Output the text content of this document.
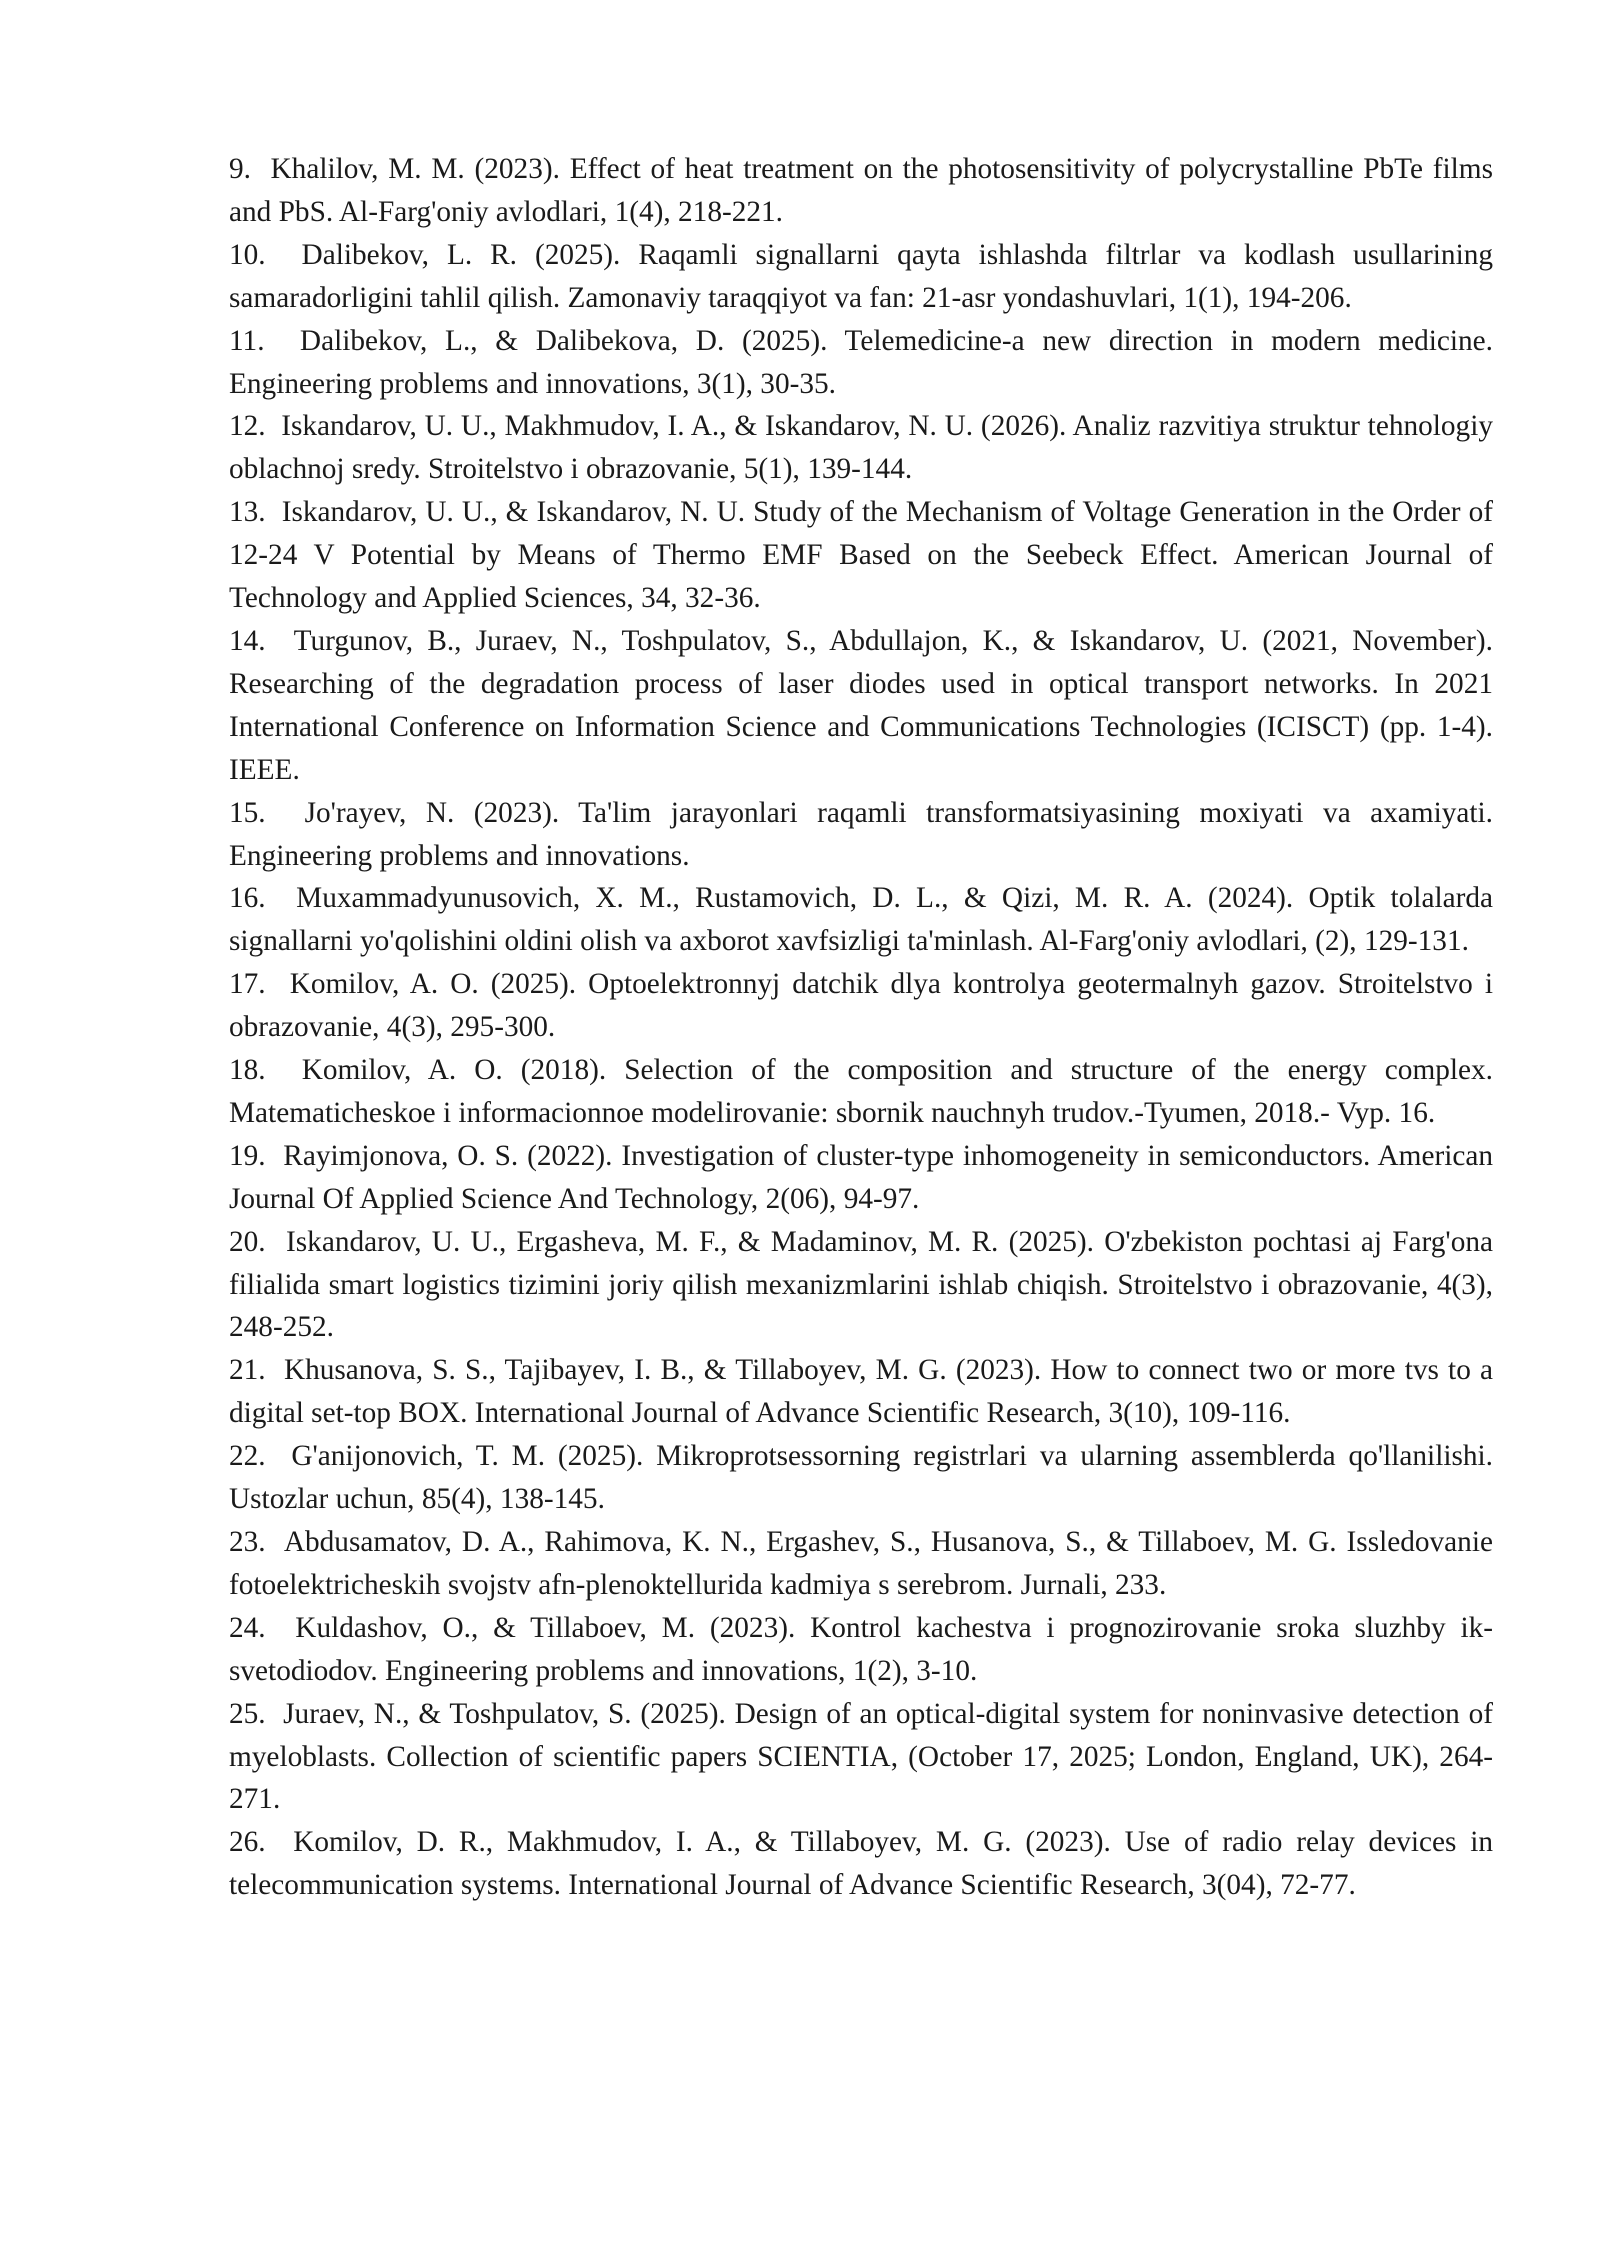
9. Khalilov, M. M. (2023). Effect of heat treatment on the photosensitivity of polycrystalline PbTe films and PbS. Al-Farg'oniy avlodlari, 1(4), 218-221.

10. Dalibekov, L. R. (2025). Raqamli signallarni qayta ishlashda filtrlar va kodlash usullarining samaradorligini tahlil qilish. Zamonaviy taraqqiyot va fan: 21-asr yondashuvlari, 1(1), 194-206.

11. Dalibekov, L., & Dalibekova, D. (2025). Telemedicine-a new direction in modern medicine. Engineering problems and innovations, 3(1), 30-35.

12. Iskandarov, U. U., Makhmudov, I. A., & Iskandarov, N. U. (2026). Analiz razvitiya struktur tehnologiy oblachnoj sredy. Stroitelstvo i obrazovanie, 5(1), 139-144.

13. Iskandarov, U. U., & Iskandarov, N. U. Study of the Mechanism of Voltage Generation in the Order of 12-24 V Potential by Means of Thermo EMF Based on the Seebeck Effect. American Journal of Technology and Applied Sciences, 34, 32-36.

14. Turgunov, B., Juraev, N., Toshpulatov, S., Abdullajon, K., & Iskandarov, U. (2021, November). Researching of the degradation process of laser diodes used in optical transport networks. In 2021 International Conference on Information Science and Communications Technologies (ICISCT) (pp. 1-4). IEEE.

15. Jo'rayev, N. (2023). Ta'lim jarayonlari raqamli transformatsiyasining moxiyati va axamiyati. Engineering problems and innovations.

16. Muxammadyunusovich, X. M., Rustamovich, D. L., & Qizi, M. R. A. (2024). Optik tolalarda signallarni yo'qolishini oldini olish va axborot xavfsizligi ta'minlash. Al-Farg'oniy avlodlari, (2), 129-131.

17. Komilov, A. O. (2025). Optoelektronnyj datchik dlya kontrolya geotermalnyh gazov. Stroitelstvo i obrazovanie, 4(3), 295-300.

18. Komilov, A. O. (2018). Selection of the composition and structure of the energy complex. Matematicheskoe i informacionnoe modelirovanie: sbornik nauchnyh trudov.-Tyumen, 2018.- Vyp. 16.

19. Rayimjonova, O. S. (2022). Investigation of cluster-type inhomogeneity in semiconductors. American Journal Of Applied Science And Technology, 2(06), 94-97.

20. Iskandarov, U. U., Ergasheva, M. F., & Madaminov, M. R. (2025). O'zbekiston pochtasi aj Farg'ona filialida smart logistics tizimini joriy qilish mexanizmlarini ishlab chiqish. Stroitelstvo i obrazovanie, 4(3), 248-252.

21. Khusanova, S. S., Tajibayev, I. B., & Tillaboyev, M. G. (2023). How to connect two or more tvs to a digital set-top BOX. International Journal of Advance Scientific Research, 3(10), 109-116.

22. G'anijonovich, T. M. (2025). Mikroprotsessorning registrlari va ularning assemblerda qo'llanilishi. Ustozlar uchun, 85(4), 138-145.

23. Abdusamatov, D. A., Rahimova, K. N., Ergashev, S., Husanova, S., & Tillaboev, M. G. Issledovanie fotoelektricheskih svojstv afn-plenoktellurida kadmiya s serebrom. Jurnali, 233.

24. Kuldashov, O., & Tillaboev, M. (2023). Kontrol kachestva i prognozirovanie sroka sluzhby ik-svetodiodov. Engineering problems and innovations, 1(2), 3-10.

25. Juraev, N., & Toshpulatov, S. (2025). Design of an optical-digital system for noninvasive detection of myeloblasts. Collection of scientific papers SCIENTIA, (October 17, 2025; London, England, UK), 264-271.

26. Komilov, D. R., Makhmudov, I. A., & Tillaboyev, M. G. (2023). Use of radio relay devices in telecommunication systems. International Journal of Advance Scientific Research, 3(04), 72-77.
